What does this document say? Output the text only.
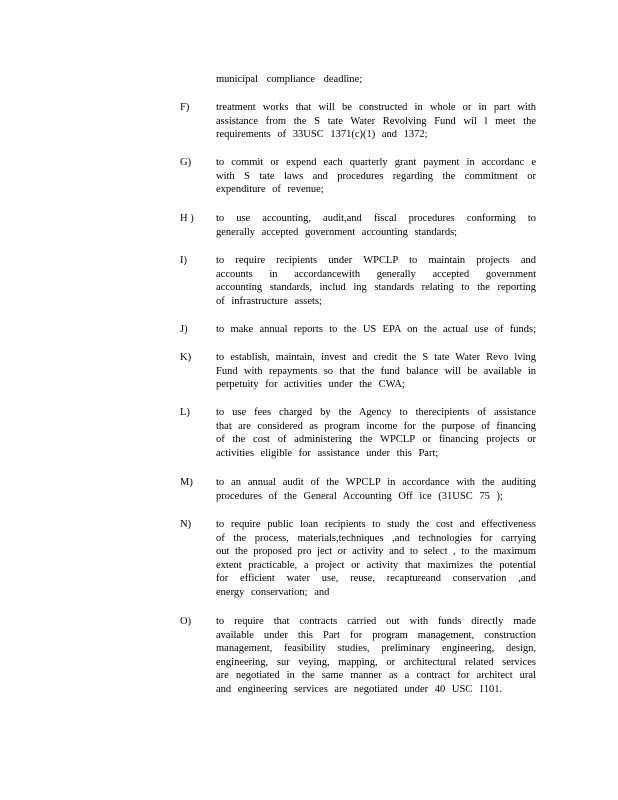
municipal compliance deadline;
F)	treatment works that will be constructed in whole or in part with
assistance from the S tate Water Revolving Fund wil l meet the
requirements of 33USC 1371(c)(1) and 1372;
G)	to commit or expend each quarterly grant payment in accordanc e
with S tate laws and procedures regarding the commitment or
expenditure of revenue;
H )	to use accounting, audit,and fiscal procedures conforming to
generally accepted government accounting standards;
I)	to require recipients under WPCLP to maintain projects and
accounts in accordancewith generally accepted government
accounting standards, includ ing standards relating to the reporting
of infrastructure assets;
J)	to make annual reports to the US EPA on the actual use of funds;
K)	to establish, maintain, invest and credit the S tate Water Revo lving
Fund with repayments so that the fund balance will be available in
perpetuity for activities under the CWA;
L)	to use fees charged by the Agency to therecipients of assistance
that are considered as program income for the purpose of financing
of the cost of administering the WPCLP or financing projects or
activities eligible for assistance under this Part;
M)	to an annual audit of the WPCLP in accordance with the auditing
procedures of the General Accounting Off ice (31USC 75 );
N)	to require public loan recipients to study the cost and effectiveness
of the process, materials,techniques ,and technologies for carrying
out the proposed pro ject or activity and to select , to the maximum
extent practicable, a project or activity that maximizes the potential
for efficient water use, reuse, recaptureand conservation ,and
energy conservation; and
O)	to require that contracts carried out with funds directly made
available under this Part for program management, construction
management, feasibility studies, preliminary engineering, design,
engineering, sur veying, mapping, or architectural related services
are negotiated in the same manner as a contract for architect ural
and engineering services are negotiated under 40 USC 1101.
